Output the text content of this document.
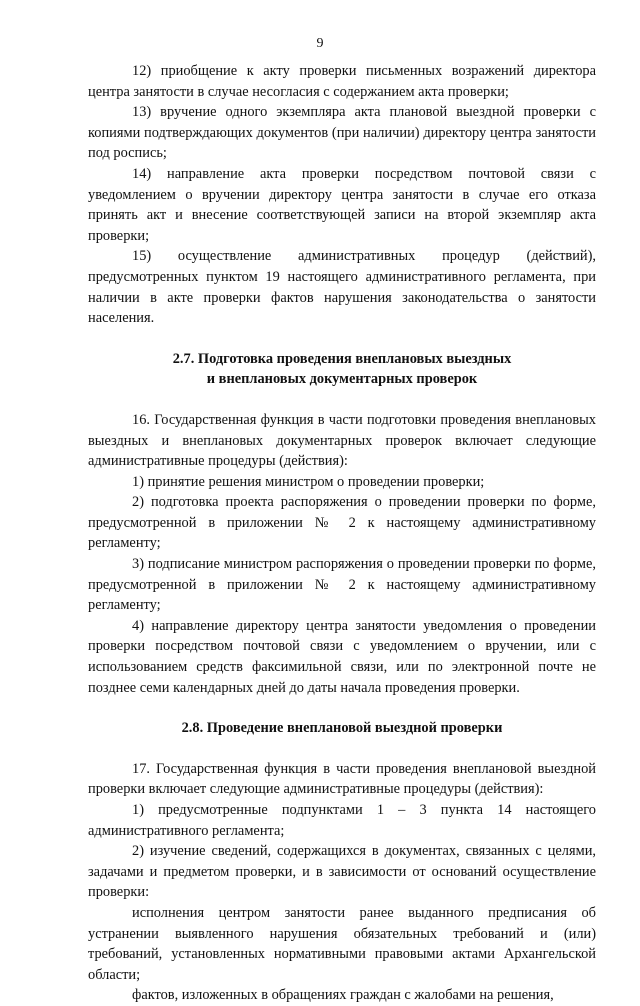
9

12) приобщение к акту проверки письменных возражений директора центра занятости в случае несогласия с содержанием акта проверки;

13) вручение одного экземпляра акта плановой выездной проверки с копиями подтверждающих документов (при наличии) директору центра занятости под роспись;

14) направление акта проверки посредством почтовой связи с уведомлением о вручении директору центра занятости в случае его отказа принять акт и внесение соответствующей записи на второй экземпляр акта проверки;

15) осуществление административных процедур (действий), предусмотренных пунктом 19 настоящего административного регламента, при наличии в акте проверки фактов нарушения законодательства о занятости населения.

2.7. Подготовка проведения внеплановых выездных

и внеплановых документарных проверок

16. Государственная функция в части подготовки проведения внеплановых выездных и внеплановых документарных проверок включает следующие административные процедуры (действия):

1) принятие решения министром о проведении проверки;

2) подготовка проекта распоряжения о проведении проверки по форме, предусмотренной в приложении № 2 к настоящему административному регламенту;

3) подписание министром распоряжения о проведении проверки по форме, предусмотренной в приложении № 2 к настоящему административному регламенту;

4) направление директору центра занятости уведомления о проведении проверки посредством почтовой связи с уведомлением о вручении, или с использованием средств факсимильной связи, или по электронной почте не позднее семи календарных дней до даты начала проведения проверки.

2.8. Проведение внеплановой выездной проверки

17. Государственная функция в части проведения внеплановой выездной проверки включает следующие административные процедуры (действия):

1) предусмотренные подпунктами 1 – 3 пункта 14 настоящего административного регламента;

2) изучение сведений, содержащихся в документах, связанных с целями, задачами и предметом проверки, и в зависимости от оснований осуществление проверки:

исполнения центром занятости ранее выданного предписания об устранении выявленного нарушения обязательных требований и (или) требований, установленных нормативными правовыми актами Архангельской области;

фактов, изложенных в обращениях граждан с жалобами на решения,
